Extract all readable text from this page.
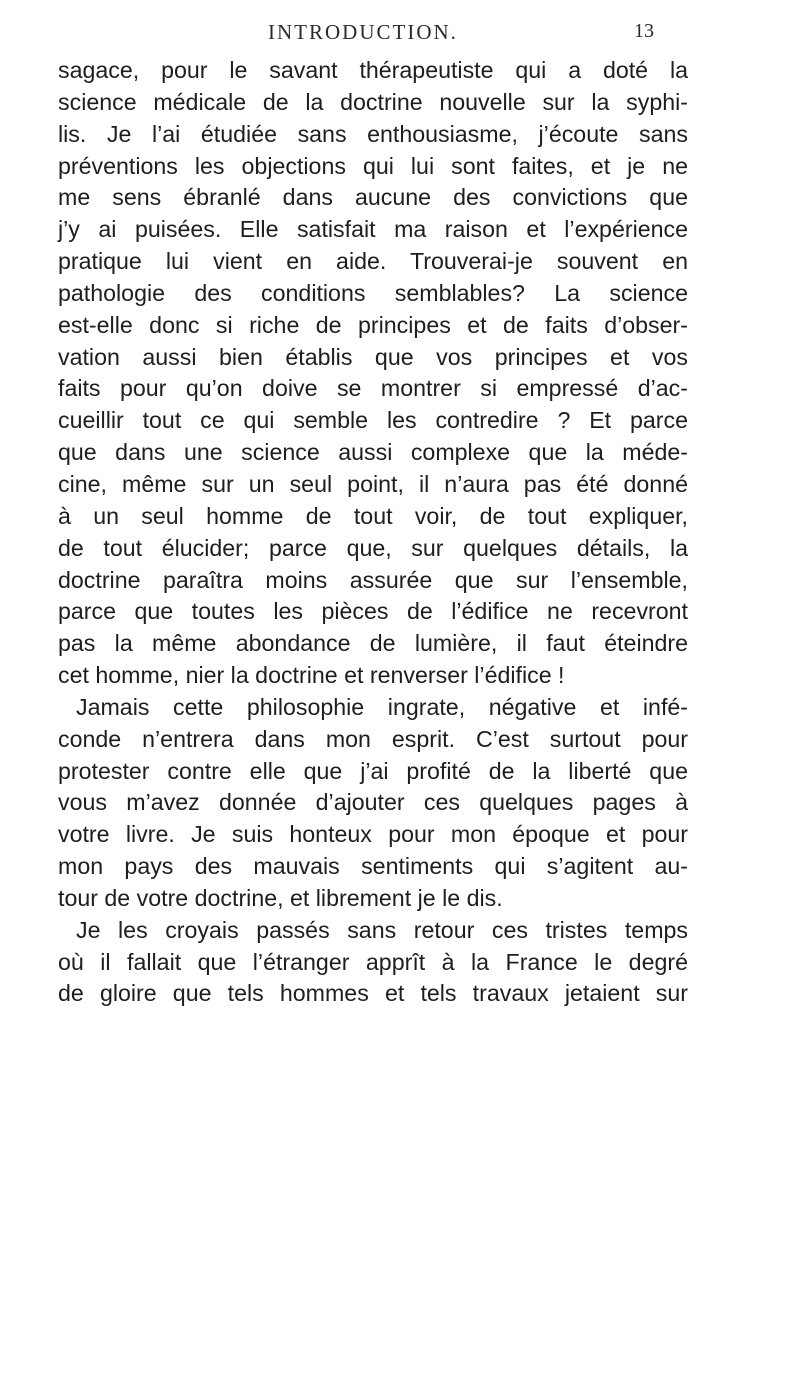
INTRODUCTION.	13
sagace, pour le savant thérapeutiste qui a doté la
science médicale de la doctrine nouvelle sur la syphi-
lis. Je l’ai étudiée sans enthousiasme, j’écoute sans
préventions les objections qui lui sont faites, et je ne
me sens ébranlé dans aucune des convictions que
j’y ai puisées. Elle satisfait ma raison et l’expérience
pratique lui vient en aide. Trouverai-je souvent en
pathologie des conditions semblables? La science
est-elle donc si riche de principes et de faits d’obser-
vation aussi bien établis que vos principes et vos
faits pour qu’on doive se montrer si empressé d’ac-
cueillir tout ce qui semble les contredire ? Et parce
que dans une science aussi complexe que la méde-
cine, même sur un seul point, il n’aura pas été donné
à un seul homme de tout voir, de tout expliquer,
de tout élucider; parce que, sur quelques détails, la
doctrine paraîtra moins assurée que sur l’ensemble,
parce que toutes les pièces de l’édifice ne recevront
pas la même abondance de lumière, il faut éteindre
cet homme, nier la doctrine et renverser l’édifice !
Jamais cette philosophie ingrate, négative et infé-
conde n’entrera dans mon esprit. C’est surtout pour
protester contre elle que j’ai profité de la liberté que
vous m’avez donnée d’ajouter ces quelques pages à
votre livre. Je suis honteux pour mon époque et pour
mon pays des mauvais sentiments qui s’agitent au-
tour de votre doctrine, et librement je le dis.
Je les croyais passés sans retour ces tristes temps
où il fallait que l’étranger apprît à la France le degré
de gloire que tels hommes et tels travaux jetaient sur
